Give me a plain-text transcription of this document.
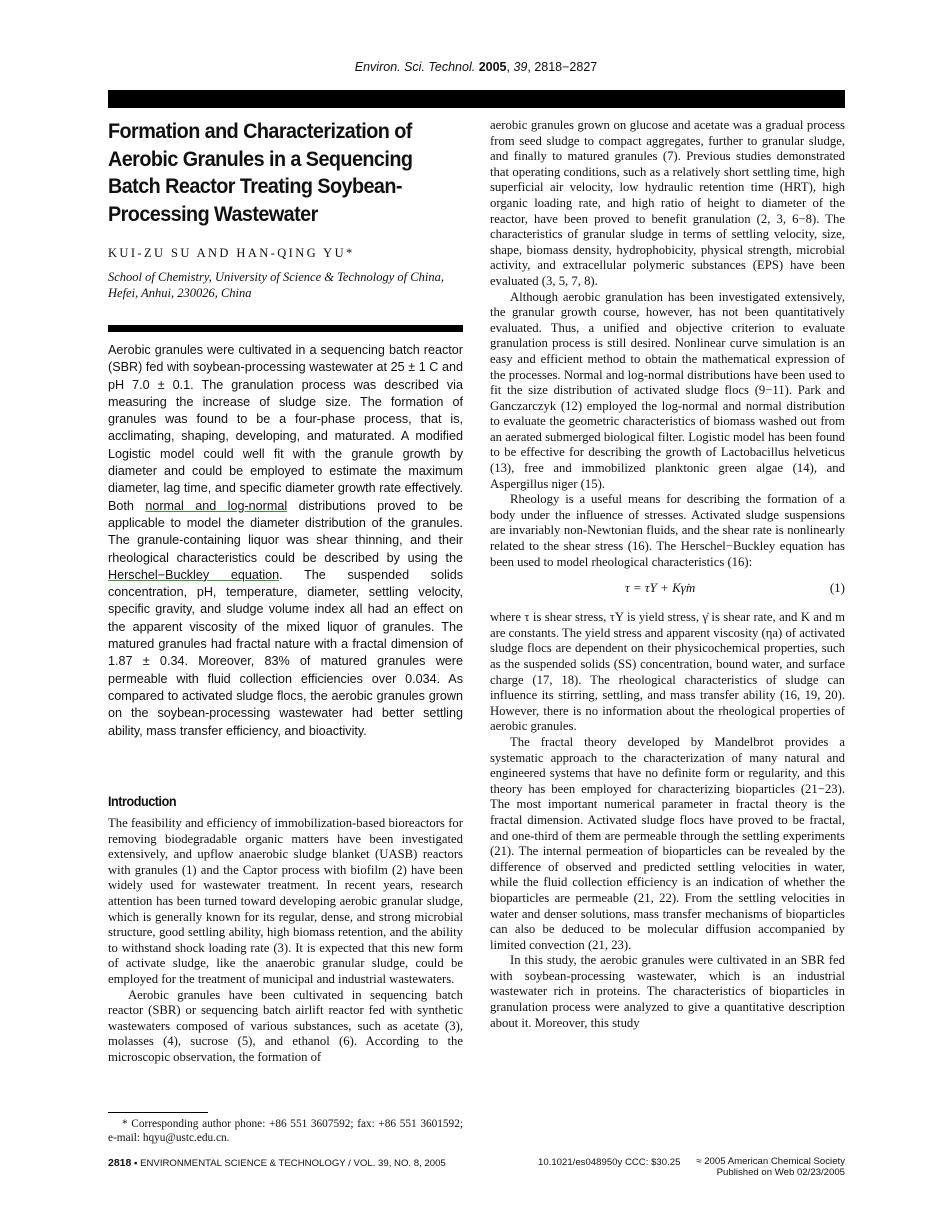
Environ. Sci. Technol. 2005, 39, 2818−2827
Formation and Characterization of Aerobic Granules in a Sequencing Batch Reactor Treating Soybean-Processing Wastewater
KUI-ZU SU AND HAN-QING YU*
School of Chemistry, University of Science & Technology of China, Hefei, Anhui, 230026, China
Aerobic granules were cultivated in a sequencing batch reactor (SBR) fed with soybean-processing wastewater at 25 ± 1 C and pH 7.0 ± 0.1. The granulation process was described via measuring the increase of sludge size. The formation of granules was found to be a four-phase process, that is, acclimating, shaping, developing, and maturated. A modified Logistic model could well fit with the granule growth by diameter and could be employed to estimate the maximum diameter, lag time, and specific diameter growth rate effectively. Both normal and log-normal distributions proved to be applicable to model the diameter distribution of the granules. The granule-containing liquor was shear thinning, and their rheological characteristics could be described by using the Herschel−Buckley equation. The suspended solids concentration, pH, temperature, diameter, settling velocity, specific gravity, and sludge volume index all had an effect on the apparent viscosity of the mixed liquor of granules. The matured granules had fractal nature with a fractal dimension of 1.87 ± 0.34. Moreover, 83% of matured granules were permeable with fluid collection efficiencies over 0.034. As compared to activated sludge flocs, the aerobic granules grown on the soybean-processing wastewater had better settling ability, mass transfer efficiency, and bioactivity.
Introduction

The feasibility and efficiency of immobilization-based bioreactors for removing biodegradable organic matters have been investigated extensively, and upflow anaerobic sludge blanket (UASB) reactors with granules (1) and the Captor process with biofilm (2) have been widely used for wastewater treatment. In recent years, research attention has been turned toward developing aerobic granular sludge, which is generally known for its regular, dense, and strong microbial structure, good settling ability, high biomass retention, and the ability to withstand shock loading rate (3). It is expected that this new form of activate sludge, like the anaerobic granular sludge, could be employed for the treatment of municipal and industrial wastewaters.

Aerobic granules have been cultivated in sequencing batch reactor (SBR) or sequencing batch airlift reactor fed with synthetic wastewaters composed of various substances, such as acetate (3), molasses (4), sucrose (5), and ethanol (6). According to the microscopic observation, the formation of

aerobic granules grown on glucose and acetate was a gradual process from seed sludge to compact aggregates, further to granular sludge, and finally to matured granules (7). Previous studies demonstrated that operating conditions, such as a relatively short settling time, high superficial air velocity, low hydraulic retention time (HRT), high organic loading rate, and high ratio of height to diameter of the reactor, have been proved to benefit granulation (2, 3, 6−8). The characteristics of granular sludge in terms of settling velocity, size, shape, biomass density, hydrophobicity, physical strength, microbial activity, and extracellular polymeric substances (EPS) have been evaluated (3, 5, 7, 8).

Although aerobic granulation has been investigated extensively, the granular growth course, however, has not been quantitatively evaluated. Thus, a unified and objective criterion to evaluate granulation process is still desired. Nonlinear curve simulation is an easy and efficient method to obtain the mathematical expression of the processes. Normal and log-normal distributions have been used to fit the size distribution of activated sludge flocs (9−11). Park and Ganczarczyk (12) employed the log-normal and normal distribution to evaluate the geometric characteristics of biomass washed out from an aerated submerged biological filter. Logistic model has been found to be effective for describing the growth of Lactobacillus helveticus (13), free and immobilized planktonic green algae (14), and Aspergillus niger (15).

Rheology is a useful means for describing the formation of a body under the influence of stresses. Activated sludge suspensions are invariably non-Newtonian fluids, and the shear rate is nonlinearly related to the shear stress (16). The Herschel−Buckley equation has been used to model rheological characteristics (16):

τ = τY + Kγ̇m	(1)

where τ is shear stress, τY is yield stress, γ̇ is shear rate, and K and m are constants. The yield stress and apparent viscosity (ηa) of activated sludge flocs are dependent on their physicochemical properties, such as the suspended solids (SS) concentration, bound water, and surface charge (17, 18). The rheological characteristics of sludge can influence its stirring, settling, and mass transfer ability (16, 19, 20). However, there is no information about the rheological properties of aerobic granules.

The fractal theory developed by Mandelbrot provides a systematic approach to the characterization of many natural and engineered systems that have no definite form or regularity, and this theory has been employed for characterizing bioparticles (21−23). The most important numerical parameter in fractal theory is the fractal dimension. Activated sludge flocs have proved to be fractal, and one-third of them are permeable through the settling experiments (21). The internal permeation of bioparticles can be revealed by the difference of observed and predicted settling velocities in water, while the fluid collection efficiency is an indication of whether the bioparticles are permeable (21, 22). From the settling velocities in water and denser solutions, mass transfer mechanisms of bioparticles can also be deduced to be molecular diffusion accompanied by limited convection (21, 23).

In this study, the aerobic granules were cultivated in an SBR fed with soybean-processing wastewater, which is an industrial wastewater rich in proteins. The characteristics of bioparticles in granulation process were analyzed to give a quantitative description about it. Moreover, this study

* Corresponding author phone: +86 551 3607592; fax: +86 551 3601592; e-mail: hqyu@ustc.edu.cn.
2818 ▪ ENVIRONMENTAL SCIENCE & TECHNOLOGY / VOL. 39, NO. 8, 2005	10.1021/es048950y CCC: $30.25 ≈ 2005 American Chemical Society
Published on Web 02/23/2005
